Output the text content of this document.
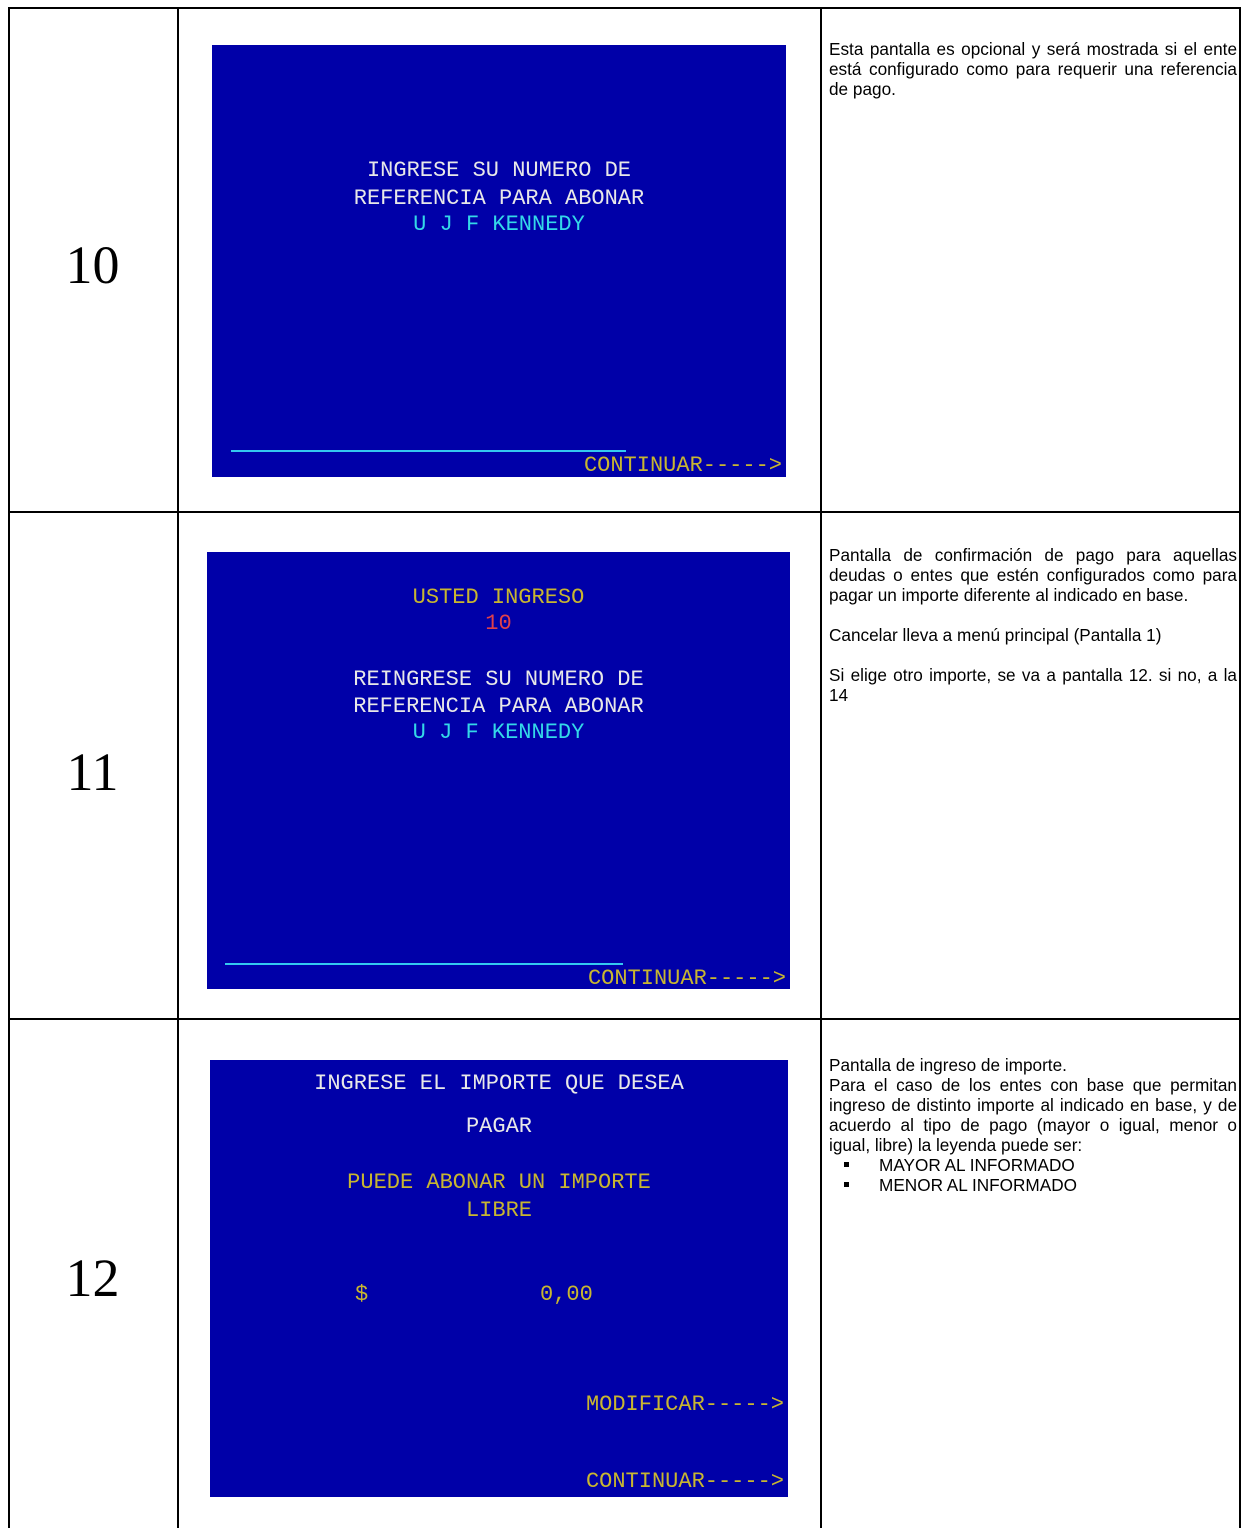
10
INGRESE SU NUMERO DE
REFERENCIA PARA ABONAR
U J F KENNEDY
CONTINUAR----->

Esta pantalla es opcional y será mostrada si el ente está configurado como para requerir una referencia de pago.

11
USTED INGRESO
10
REINGRESE SU NUMERO DE
REFERENCIA PARA ABONAR
U J F KENNEDY
CONTINUAR----->

Pantalla de confirmación de pago para aquellas deudas o entes que estén configurados como para pagar un importe diferente al indicado en base.

Cancelar lleva a menú principal (Pantalla 1)

Si elige otro importe, se va a pantalla 12. si no, a la 14

12
INGRESE EL IMPORTE QUE DESEA
PAGAR
PUEDE ABONAR UN IMPORTE
LIBRE
$	0,00
MODIFICAR----->
CONTINUAR----->

Pantalla de ingreso de importe.

Para el caso de los entes con base que permitan ingreso de distinto importe al indicado en base, y de acuerdo al tipo de pago (mayor o igual, menor o igual, libre) la leyenda puede ser:

MAYOR AL INFORMADO
MENOR AL INFORMADO
